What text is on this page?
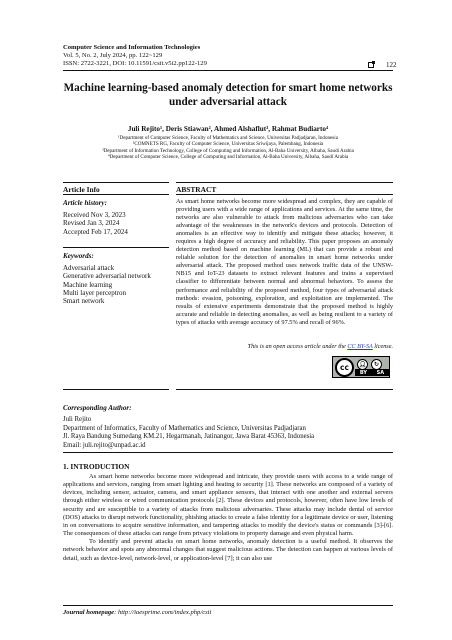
Computer Science and Information Technologies
Vol. 5, No. 2, July 2024, pp. 122~129
ISSN: 2722-3221, DOI: 10.11591/csit.v5i2.pp122-129	122
Machine learning-based anomaly detection for smart home networks under adversarial attack
Juli Rejito¹, Deris Stiawan², Ahmed Alshaflut³, Rahmat Budiarto⁴
¹Department of Computer Science, Faculty of Mathematics and Science, Universitas Padjadjaran, Indonesia
²COMNETS RG, Faculty of Computer Science, Universitas Sriwijaya, Palembang, Indonesia
³Department of Information Technology, College of Computing and Information, Al-Baha University, Albaha, Saudi Arabia
⁴Department of Computer Science, College of Computing and Information, Al-Baha University, Albaha, Saudi Arabia
Article Info	ABSTRACT
Article history:
Received Nov 3, 2023
Revised Jan 3, 2024
Accepted Feb 17, 2024
Keywords:
Adversarial attack
Generative adversarial network
Machine learning
Multi layer perceptron
Smart network
As smart home networks become more widespread and complex, they are capable of providing users with a wide range of applications and services. At the same time, the networks are also vulnerable to attack from malicious adversaries who can take advantage of the weaknesses in the network's devices and protocols. Detection of anomalies is an effective way to identify and mitigate these attacks; however, it requires a high degree of accuracy and reliability. This paper proposes an anomaly detection method based on machine learning (ML) that can provide a robust and reliable solution for the detection of anomalies in smart home networks under adversarial attack. The proposed method uses network traffic data of the UNSW-NB15 and IoT-23 datasets to extract relevant features and trains a supervised classifier to differentiate between normal and abnormal behaviors. To assess the performance and reliability of the proposed method, four types of adversarial attack methods: evasion, poisoning, exploration, and exploitation are implemented. The results of extensive experiments demonstrate that the proposed method is highly accurate and reliable in detecting anomalies, as well as being resilient to a variety of types of attacks with average accuracy of 97.5% and recall of 96%.
This is an open access article under the CC BY-SA license.
cc	👤︎	↻
BY SA
Corresponding Author:
Juli Rejito
Department of Informatics, Faculty of Mathematics and Science, Universitas Padjadjaran
Jl. Raya Bandung Sumedang KM.21, Hegarmanah, Jatinangor, Jawa Barat 45363, Indonesia
Email: juli.rejito@unpad.ac.id
1. INTRODUCTION

As smart home networks become more widespread and intricate, they provide users with access to a wide range of applications and services, ranging from smart lighting and heating to security [1]. These networks are composed of a variety of devices, including sensor, actuator, camera, and smart appliance sensors, that interact with one another and external servers through either wireless or wired communication protocols [2]. These devices and protocols, however, often have low levels of security and are susceptible to a variety of attacks from malicious adversaries. These attacks may include denial of service (DOS) attacks to disrupt network functionality, phishing attacks to create a false identity for a legitimate device or user, listening in on conversations to acquire sensitive information, and tampering attacks to modify the device's status or commands [3]-[6]. The consequences of these attacks can range from privacy violations to property damage and even physical harm.

To identify and prevent attacks on smart home networks, anomaly detection is a useful method. It observes the network behavior and spots any abnormal changes that suggest malicious actions. The detection can happen at various levels of detail, such as device-level, network-level, or application-level [7]; it can also use

Journal homepage: http://iaesprime.com/index.php/csit
